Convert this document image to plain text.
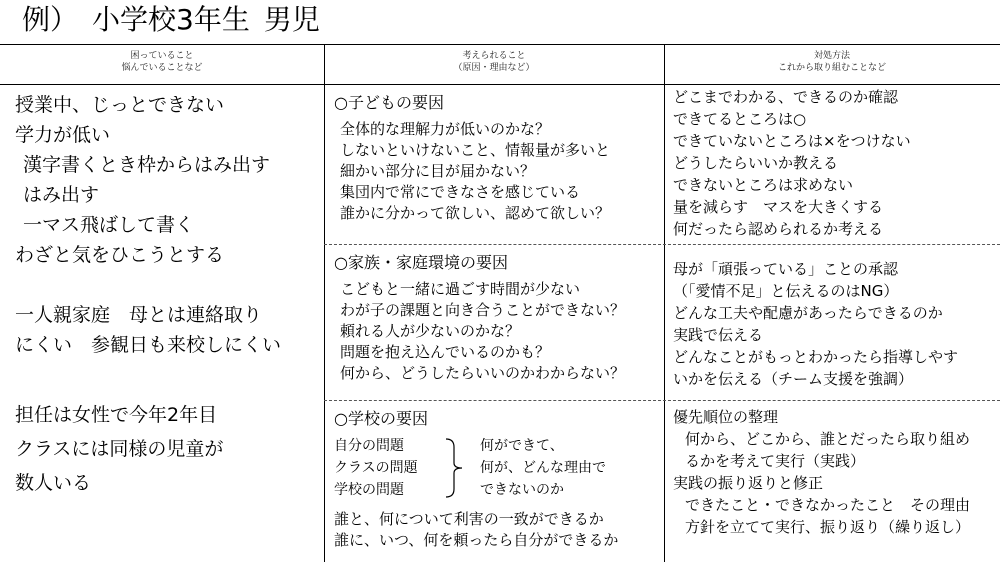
例） 小学校3年生 男児
困っていること
悩んでいることなど
考えられること
（原因・理由など）
対処方法
これから取り組むことなど
授業中、じっとできない
学力が低い
漢字書くとき枠からはみ出す
はみ出す
一マス飛ばして書く
わざと気をひこうとする
一人親家庭　母とは連絡取り
にくい　参観日も来校しにくい
担任は女性で今年2年目
クラスには同様の児童が
数人いる
○子どもの要因
全体的な理解力が低いのかな？
しないといけないこと、情報量が多いと
細かい部分に目が届かない？
集団内で常にできなさを感じている
誰かに分かって欲しい、認めて欲しい？
○家族・家庭環境の要因
こどもと一緒に過ごす時間が少ない
わが子の課題と向き合うことができない？
頼れる人が少ないのかな？
問題を抱え込んでいるのかも？
何から、どうしたらいいのかわからない？
○学校の要因
自分の問題
クラスの問題
学校の問題
何ができて、
何が、どんな理由で
できないのか
誰と、何について利害の一致ができるか
誰に、いつ、何を頼ったら自分ができるか
どこまでわかる、できるのか確認
できてるところは○
できていないところは×をつけない
どうしたらいいか教える
できないところは求めない
量を減らす　マスを大きくする
何だったら認められるか考える
母が「頑張っている」ことの承認
（「愛情不足」と伝えるのはNG）
どんな工夫や配慮があったらできるのか
実践で伝える
どんなことがもっとわかったら指導しやす
いかを伝える（チーム支援を強調）
優先順位の整理
何から、どこから、誰とだったら取り組め
るかを考えて実行（実践）
実践の振り返りと修正
できたこと・できなかったこと　その理由
方針を立てて実行、振り返り（繰り返し）
